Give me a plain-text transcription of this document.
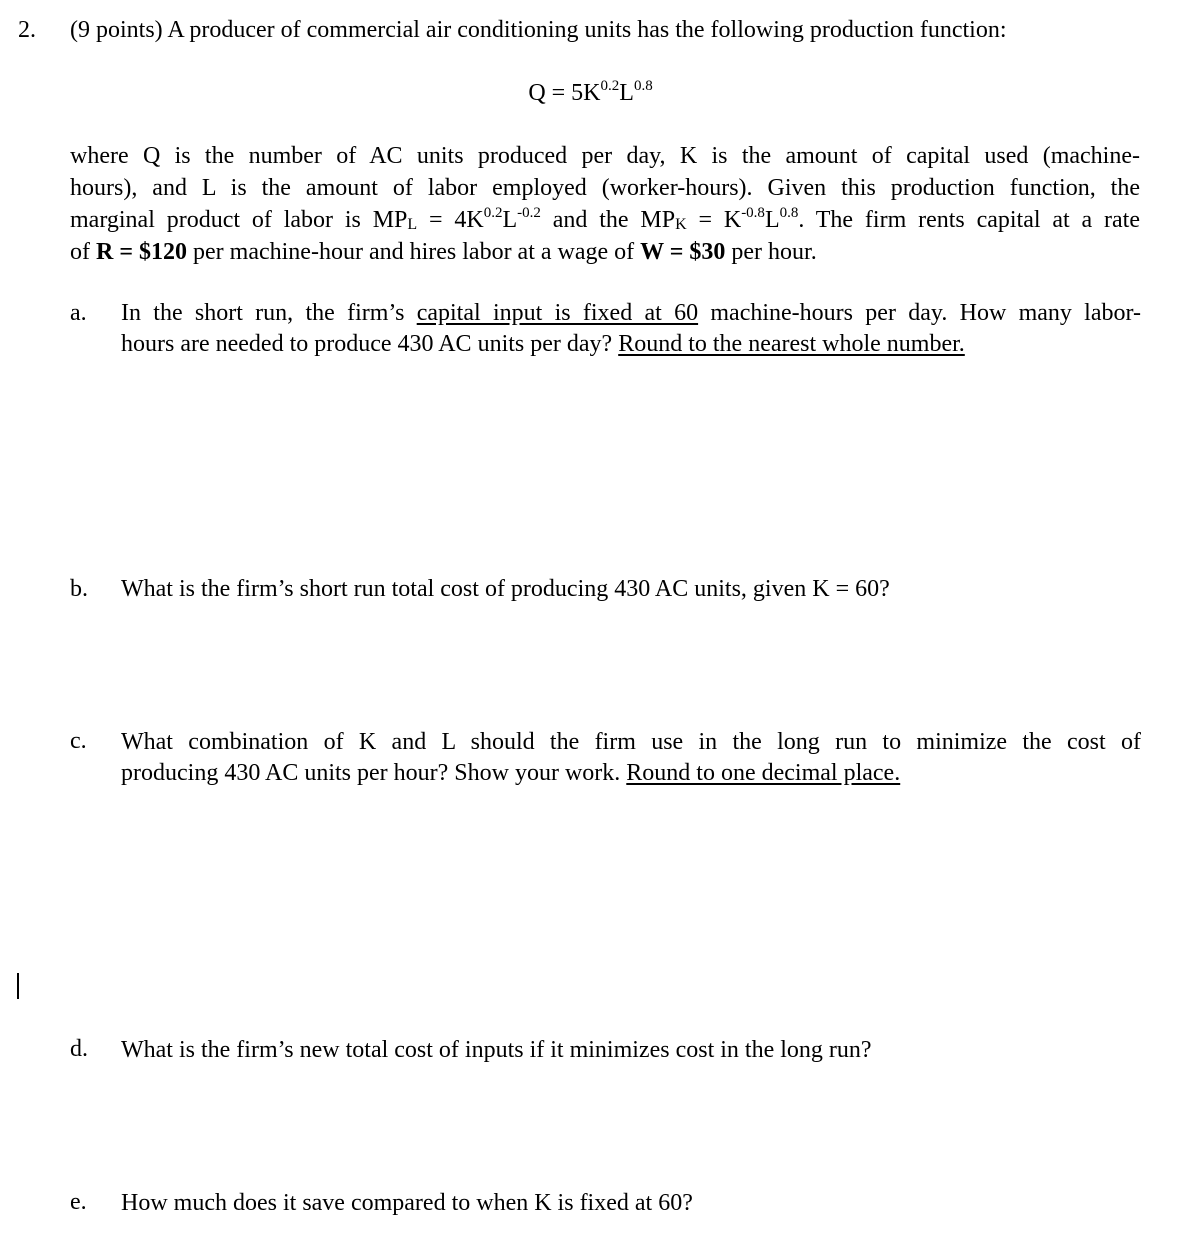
2. (9 points) A producer of commercial air conditioning units has the following production function:
$Q = 5K^{0.2}L^{0.8}$
where Q is the number of AC units produced per day, K is the amount of capital used (machine-
hours), and L is the amount of labor employed (worker-hours). Given this production function, the
marginal product of labor is $MP_L = 4K^{0.2}L^{-0.2}$ and the $MP_K = K^{-0.8}L^{0.8}$. The firm rents capital at a rate
of R = $120 per machine-hour and hires labor at a wage of W = $30 per hour.
a. In the short run, the firm’s capital input is fixed at 60 machine-hours per day. How many labor-
hours are needed to produce 430 AC units per day? Round to the nearest whole number.
b. What is the firm’s short run total cost of producing 430 AC units, given K = 60?
c. What combination of K and L should the firm use in the long run to minimize the cost of
producing 430 AC units per hour? Show your work. Round to one decimal place.
d. What is the firm’s new total cost of inputs if it minimizes cost in the long run?
e. How much does it save compared to when K is fixed at 60?
